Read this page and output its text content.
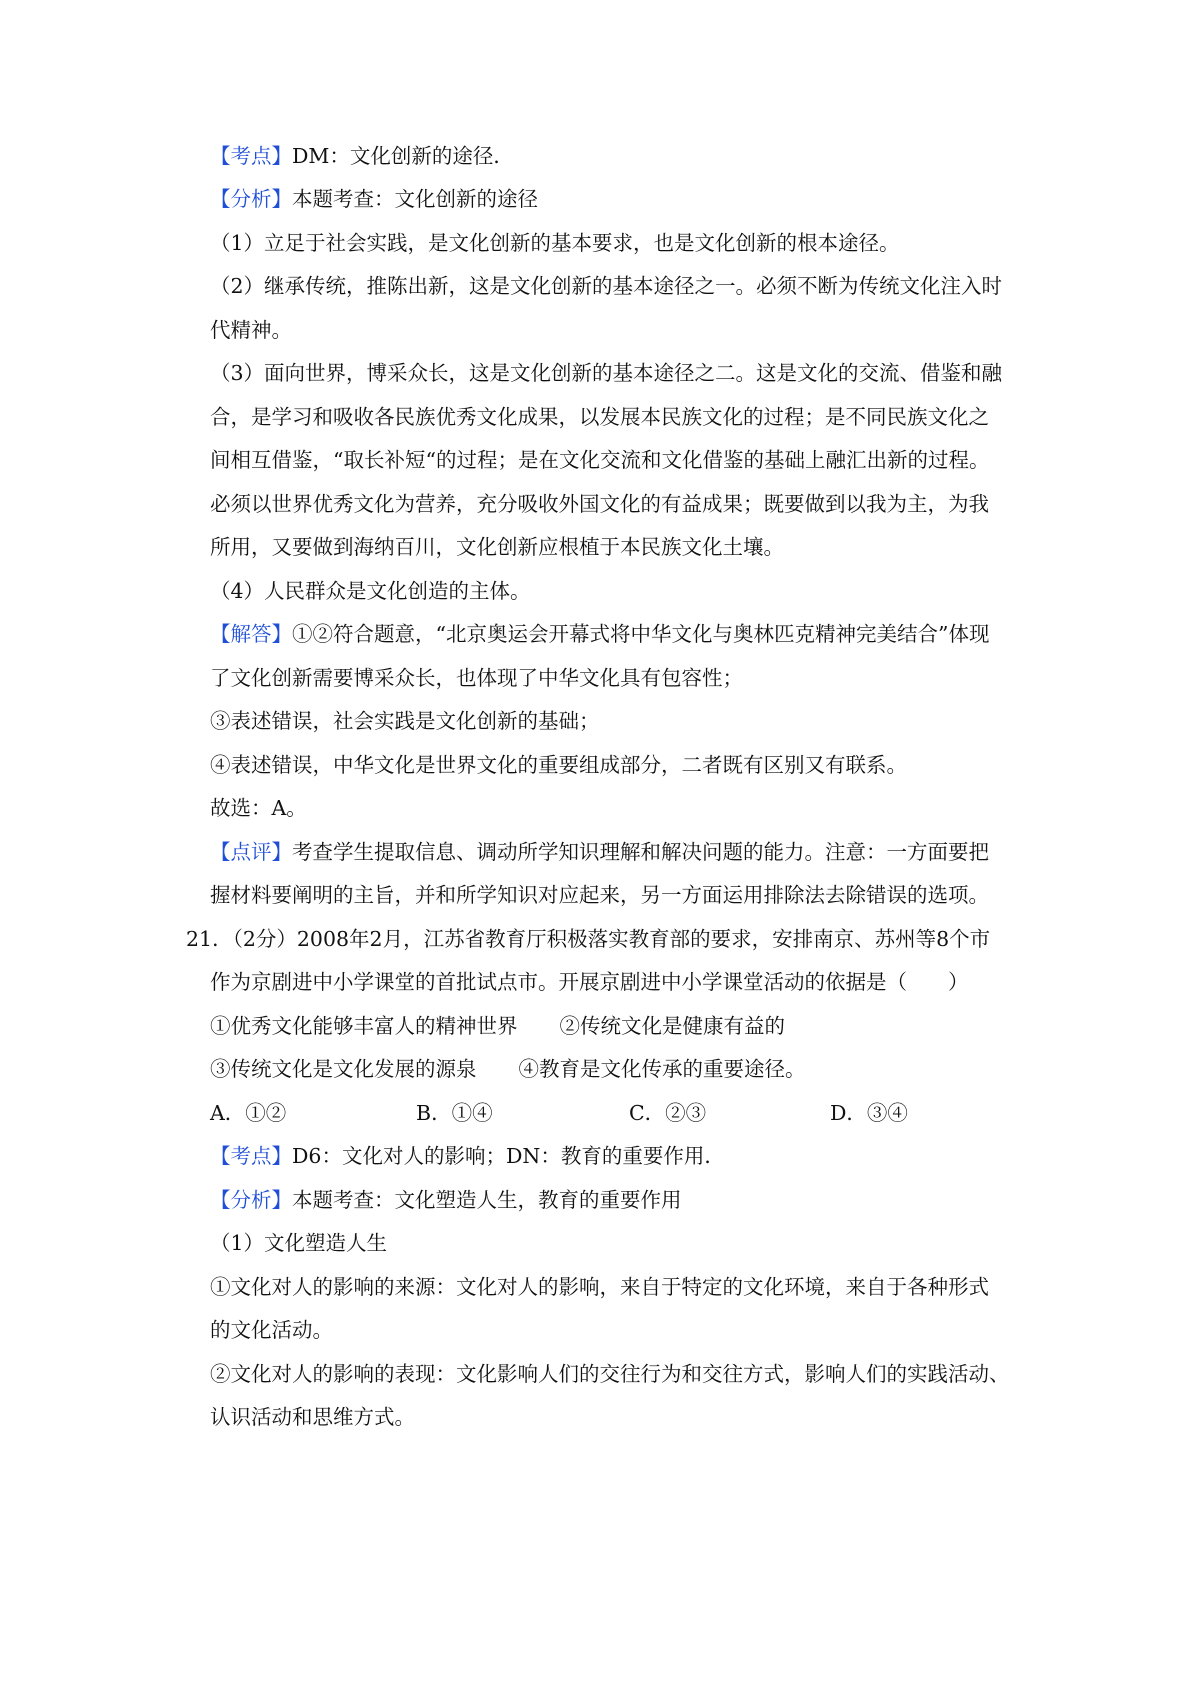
【考点】DM：文化创新的途径．
【分析】本题考查：文化创新的途径
（1）立足于社会实践，是文化创新的基本要求，也是文化创新的根本途径。
（2）继承传统，推陈出新，这是文化创新的基本途径之一。必须不断为传统文化注入时
代精神。
（3）面向世界，博采众长，这是文化创新的基本途径之二。这是文化的交流、借鉴和融
合，是学习和吸收各民族优秀文化成果，以发展本民族文化的过程；是不同民族文化之
间相互借鉴，“取长补短“的过程；是在文化交流和文化借鉴的基础上融汇出新的过程。
必须以世界优秀文化为营养，充分吸收外国文化的有益成果；既要做到以我为主，为我
所用，又要做到海纳百川，文化创新应根植于本民族文化土壤。
（4）人民群众是文化创造的主体。
【解答】①②符合题意，“北京奥运会开幕式将中华文化与奥林匹克精神完美结合”体现
了文化创新需要博采众长，也体现了中华文化具有包容性；
③表述错误，社会实践是文化创新的基础；
④表述错误，中华文化是世界文化的重要组成部分，二者既有区别又有联系。
故选：A。
【点评】考查学生提取信息、调动所学知识理解和解决问题的能力。注意：一方面要把
握材料要阐明的主旨，并和所学知识对应起来，另一方面运用排除法去除错误的选项。
21．（2分）2008年2月，江苏省教育厅积极落实教育部的要求，安排南京、苏州等8个市
作为京剧进中小学课堂的首批试点市。开展京剧进中小学课堂活动的依据是（　　）
①优秀文化能够丰富人的精神世界 ②传统文化是健康有益的
③传统文化是文化发展的源泉 ④教育是文化传承的重要途径。
A．①②	B．①④	C．②③	D．③④
【考点】D6：文化对人的影响；DN：教育的重要作用．
【分析】本题考查：文化塑造人生，教育的重要作用
（1）文化塑造人生
①文化对人的影响的来源：文化对人的影响，来自于特定的文化环境，来自于各种形式
的文化活动。
②文化对人的影响的表现：文化影响人们的交往行为和交往方式，影响人们的实践活动、
认识活动和思维方式。
